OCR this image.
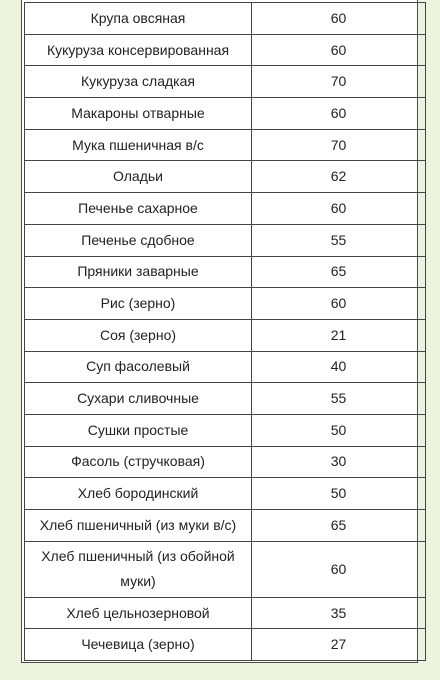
Крупа овсяная	60
Кукуруза консервированная	60
Кукуруза сладкая	70
Макароны отварные	60
Мука пшеничная в/с	70
Оладьи	62
Печенье сахарное	60
Печенье сдобное	55
Пряники заварные	65
Рис (зерно)	60
Соя (зерно)	21
Суп фасолевый	40
Сухари сливочные	55
Сушки простые	50
Фасоль (стручковая)	30
Хлеб бородинский	50
Хлеб пшеничный (из муки в/с)	65
Хлеб пшеничный (из обойной муки)	60
Хлеб цельнозерновой	35
Чечевица (зерно)	27
